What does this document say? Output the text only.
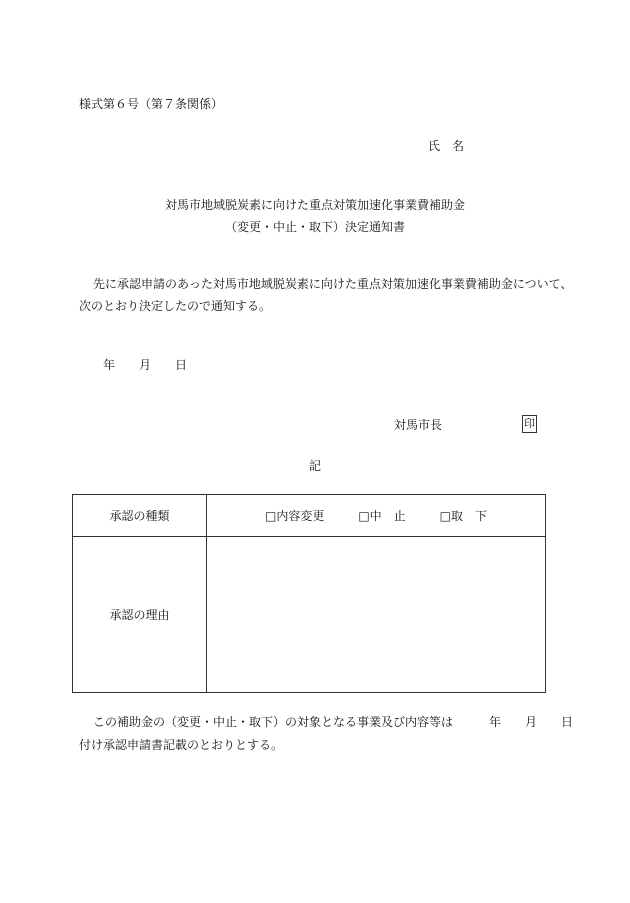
様式第６号（第７条関係）
氏　名
対馬市地域脱炭素に向けた重点対策加速化事業費補助金
（変更・中止・取下）決定通知書
先に承認申請のあった対馬市地域脱炭素に向けた重点対策加速化事業費補助金について、
次のとおり決定したので通知する。
年　　月　　日
対馬市長	印
記
承認の種類	□内容変更 □中　止 □取　下
承認の理由	
この補助金の（変更・中止・取下）の対象となる事業及び内容等は　　　年　　月　　日
付け承認申請書記載のとおりとする。
